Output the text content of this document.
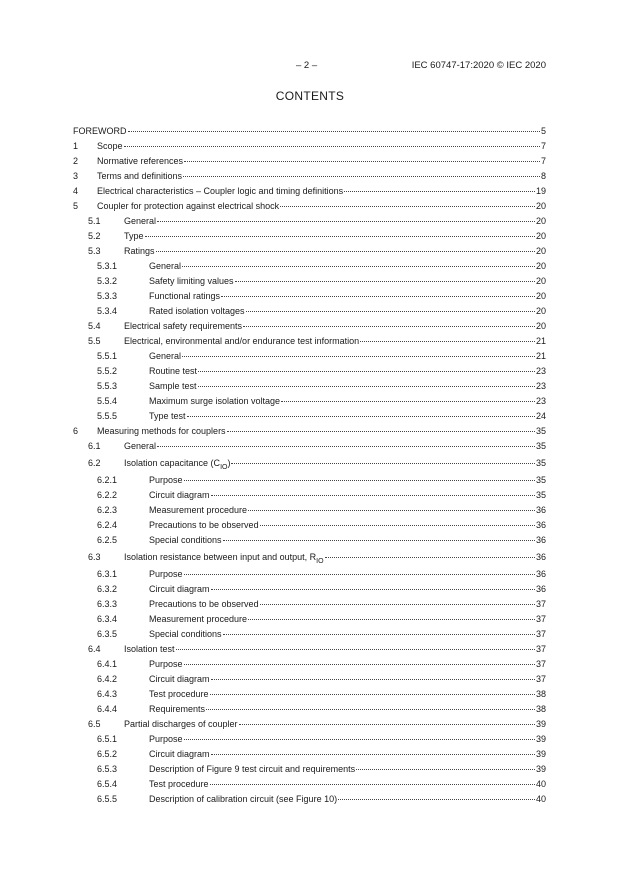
– 2 –	IEC 60747-17:2020 © IEC 2020
CONTENTS
FOREWORD	5
1 Scope	7
2 Normative references	7
3 Terms and definitions	8
4 Electrical characteristics – Coupler logic and timing definitions	19
5 Coupler for protection against electrical shock	20
5.1	General	20
5.2	Type	20
5.3	Ratings	20
5.3.1	General	20
5.3.2	Safety limiting values	20
5.3.3	Functional ratings	20
5.3.4	Rated isolation voltages	20
5.4	Electrical safety requirements	20
5.5	Electrical, environmental and/or endurance test information	21
5.5.1	General	21
5.5.2	Routine test	23
5.5.3	Sample test	23
5.5.4	Maximum surge isolation voltage	23
5.5.5	Type test	24
6 Measuring methods for couplers	35
6.1	General	35
6.2	Isolation capacitance $(C_{IO})$	35
6.2.1	Purpose	35
6.2.2	Circuit diagram	35
6.2.3	Measurement procedure	36
6.2.4	Precautions to be observed	36
6.2.5	Special conditions	36
6.3	Isolation resistance between input and output, $R_{IO}$	36
6.3.1	Purpose	36
6.3.2	Circuit diagram	36
6.3.3	Precautions to be observed	37
6.3.4	Measurement procedure	37
6.3.5	Special conditions	37
6.4	Isolation test	37
6.4.1	Purpose	37
6.4.2	Circuit diagram	37
6.4.3	Test procedure	38
6.4.4	Requirements	38
6.5	Partial discharges of coupler	39
6.5.1	Purpose	39
6.5.2	Circuit diagram	39
6.5.3	Description of Figure 9 test circuit and requirements	39
6.5.4	Test procedure	40
6.5.5	Description of calibration circuit (see Figure 10)	40
